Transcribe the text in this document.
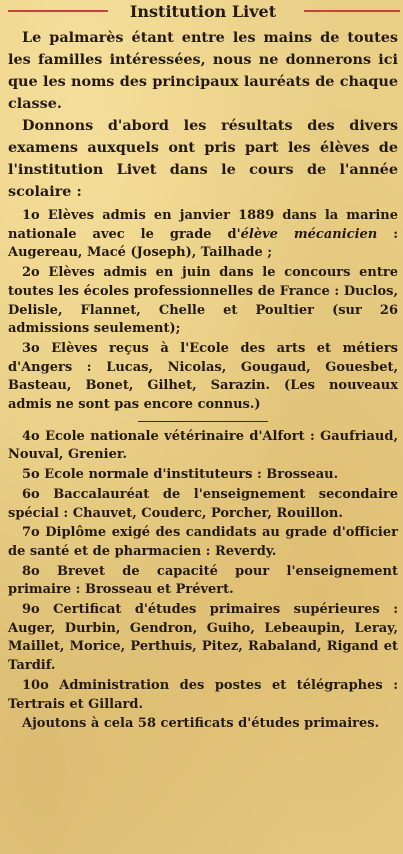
Institution Livet

Le palmarès étant entre les mains de toutes les familles intéressées, nous ne donnerons ici que les noms des principaux lauréats de chaque classe.

Donnons d'abord les résultats des divers examens auxquels ont pris part les élèves de l'institution Livet dans le cours de l'année scolaire :

1o Elèves admis en janvier 1889 dans la marine nationale avec le grade d'élève mécanicien : Augereau, Macé (Joseph), Tailhade ;

2o Elèves admis en juin dans le concours entre toutes les écoles professionnelles de France : Duclos, Delisle, Flannet, Chelle et Poultier (sur 26 admissions seulement);

3o Elèves reçus à l'Ecole des arts et métiers d'Angers : Lucas, Nicolas, Gougaud, Gouesbet, Basteau, Bonet, Gilhet, Sarazin. (Les nouveaux admis ne sont pas encore connus.)

4o Ecole nationale vétérinaire d'Alfort : Gaufriaud, Nouval, Grenier.

5o Ecole normale d'instituteurs : Brosseau.

6o Baccalauréat de l'enseignement secondaire spécial : Chauvet, Couderc, Porcher, Rouillon.

7o Diplôme exigé des candidats au grade d'officier de santé et de pharmacien : Reverdy.

8o Brevet de capacité pour l'enseignement primaire : Brosseau et Prévert.

9o Certificat d'études primaires supérieures : Auger, Durbin, Gendron, Guiho, Lebeaupin, Leray, Maillet, Morice, Perthuis, Pitez, Rabaland, Rigand et Tardif.

10o Administration des postes et télégraphes : Tertrais et Gillard.

Ajoutons à cela 58 certificats d'études primaires.
